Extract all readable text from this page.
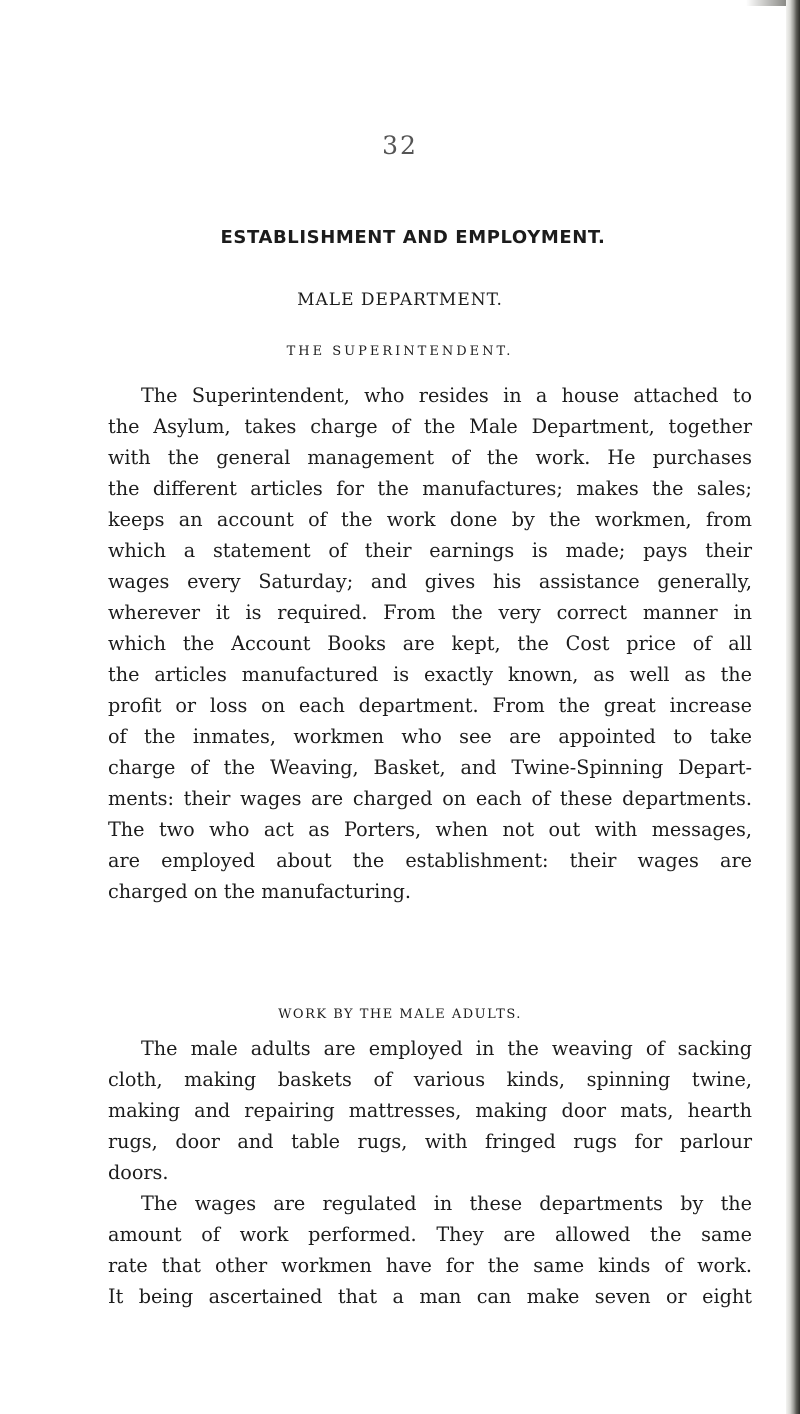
32
ESTABLISHMENT AND EMPLOYMENT.
MALE DEPARTMENT.
THE SUPERINTENDENT.
The Superintendent, who resides in a house attached to
the Asylum, takes charge of the Male Department, together
with the general management of the work. He purchases
the different articles for the manufactures; makes the sales;
keeps an account of the work done by the workmen, from
which a statement of their earnings is made; pays their
wages every Saturday; and gives his assistance generally,
wherever it is required. From the very correct manner in
which the Account Books are kept, the Cost price of all
the articles manufactured is exactly known, as well as the
profit or loss on each department. From the great increase
of the inmates, workmen who see are appointed to take
charge of the Weaving, Basket, and Twine-Spinning Depart-
ments: their wages are charged on each of these departments.
The two who act as Porters, when not out with messages,
are employed about the establishment: their wages are
charged on the manufacturing.
WORK BY THE MALE ADULTS.
The male adults are employed in the weaving of sacking
cloth, making baskets of various kinds, spinning twine,
making and repairing mattresses, making door mats, hearth
rugs, door and table rugs, with fringed rugs for parlour
doors.
The wages are regulated in these departments by the
amount of work performed. They are allowed the same
rate that other workmen have for the same kinds of work.
It being ascertained that a man can make seven or eight
